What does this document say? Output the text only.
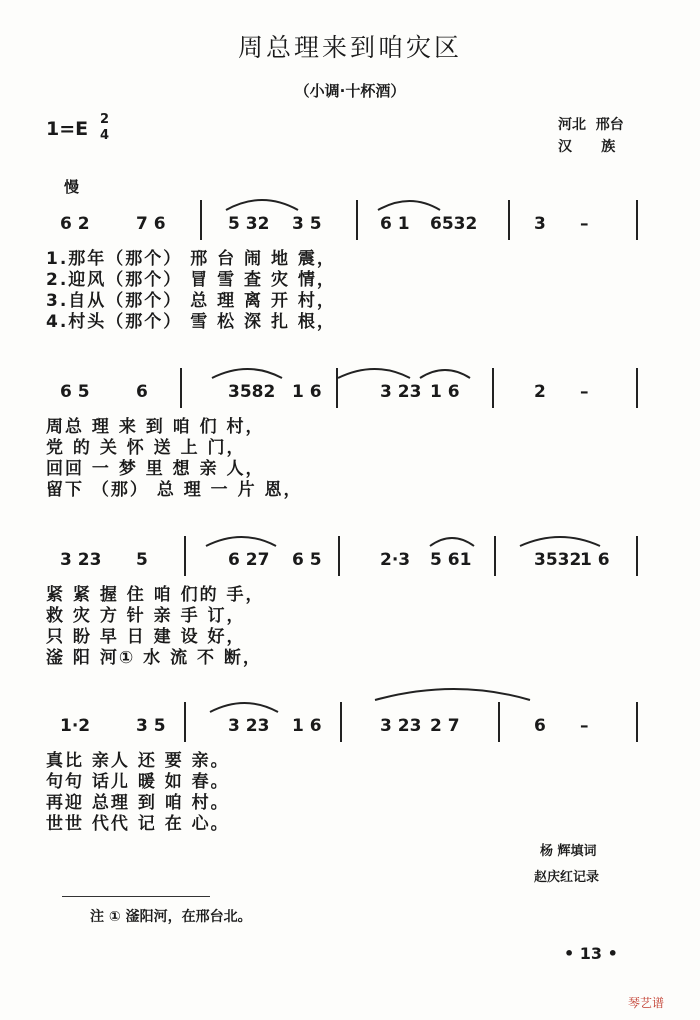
周总理来到咱灾区
（小调·十杯酒）
1=E 2
4
河北  邢台
汉      族
慢
6 2	7 6	5 32 3 5	6 1 6532	3 –
1.那年（那个） 邢 台 闹 地 震，
2.迎风（那个） 冒 雪 查 灾 情，
3.自从（那个） 总 理 离 开 村，
4.村头（那个） 雪 松 深 扎 根，
6 5	6	3582 1 6	3 23 1 6	2 –
周总 理 来 到 咱 们 村，
党 的 关 怀 送 上 门，
回回 一 梦 里 想 亲 人，
留下 （那） 总 理 一 片 恩，
3 23 5	6 27 6 5	2·3 5 61	3532
1 6
紧 紧 握 住 咱 们的 手，
救 灾 方 针 亲 手 订，
只 盼 早 日 建 设 好，
滏 阳 河① 水 流 不 断，
1·2	3 5	3 23 1 6	3 23 2 7	6 –
真比 亲人 还 要 亲。
句句 话儿 暖 如 春。
再迎 总理 到 咱 村。
世世 代代 记 在 心。
杨 辉填词
赵庆红记录
注 ① 滏阳河，在邢台北。
• 13 •
琴艺谱
